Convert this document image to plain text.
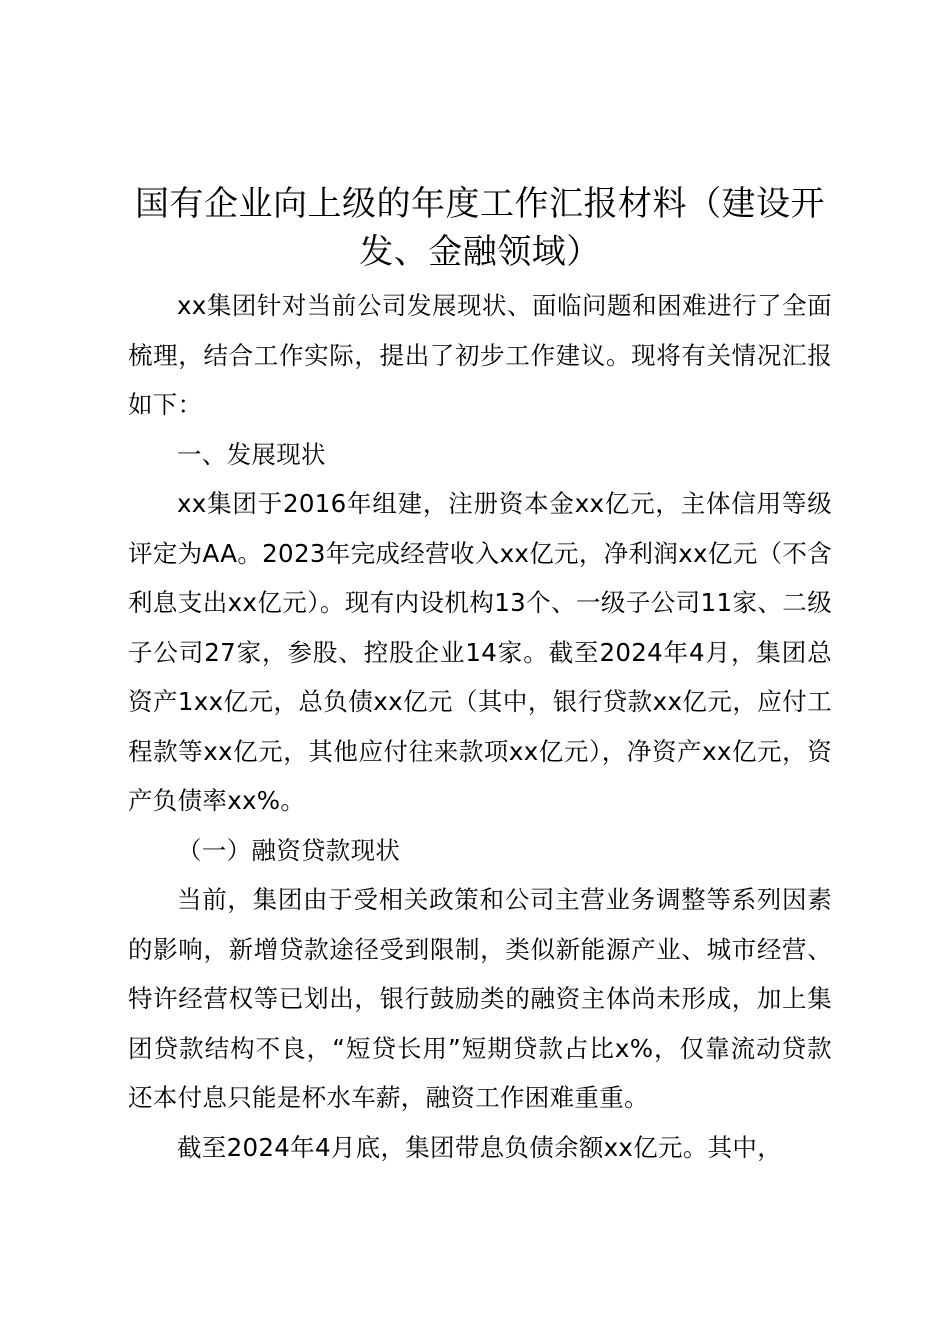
国有企业向上级的年度工作汇报材料（建设开发、金融领域）

xx集团针对当前公司发展现状、面临问题和困难进行了全面梳理，结合工作实际，提出了初步工作建议。现将有关情况汇报如下：

一、发展现状

xx集团于2016年组建，注册资本金xx亿元，主体信用等级评定为AA。2023年完成经营收入xx亿元，净利润xx亿元（不含利息支出xx亿元）。现有内设机构13个、一级子公司11家、二级子公司27家，参股、控股企业14家。截至2024年4月，集团总资产1xx亿元，总负债xx亿元（其中，银行贷款xx亿元，应付工程款等xx亿元，其他应付往来款项xx亿元），净资产xx亿元，资产负债率xx%。

（一）融资贷款现状

当前，集团由于受相关政策和公司主营业务调整等系列因素的影响，新增贷款途径受到限制，类似新能源产业、城市经营、特许经营权等已划出，银行鼓励类的融资主体尚未形成，加上集团贷款结构不良，“短贷长用”短期贷款占比x%，仅靠流动贷款还本付息只能是杯水车薪，融资工作困难重重。

截至2024年4月底，集团带息负债余额xx亿元。其中，
